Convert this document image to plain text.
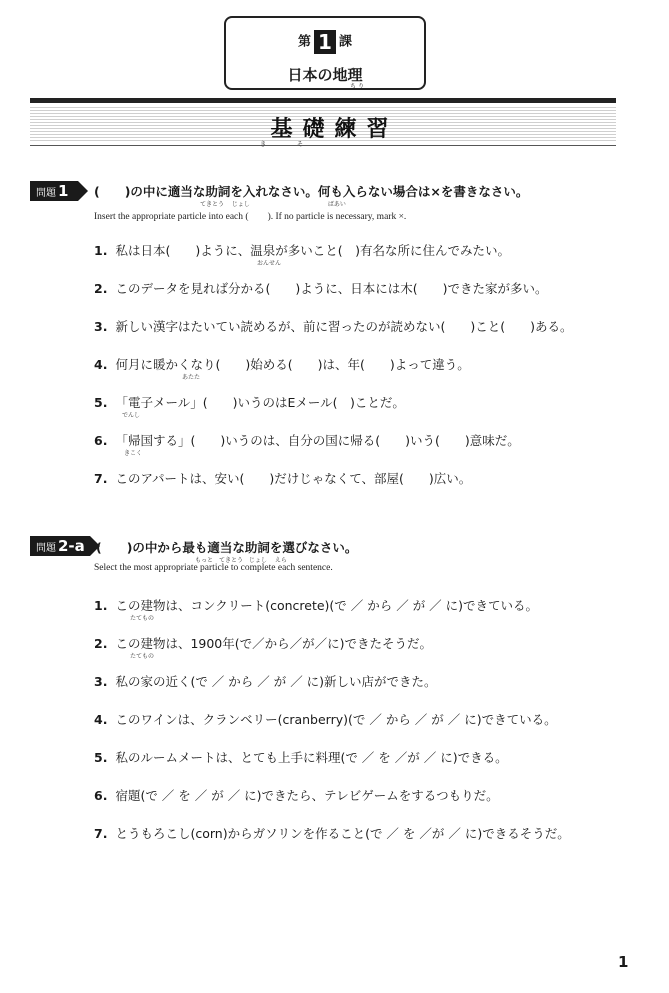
第 1 課
日本の地理
ちり
基礎練習
き	そ
問題 1	(　　)の中に適当な助詞を入れなさい。何も入らない場合は×を書きなさい。
てきとう　 じょし　　　　　　　　　　　　　ばあい
Insert the appropriate particle into each (　　). If no particle is necessary, mark ×.
1. 私は日本(　　)ように、温泉が多いこと(　)有名な所に住んでみたい。
おんせん
2. このデータを見れば分かる(　　)ように、日本には木(　　)できた家が多い。
3. 新しい漢字はたいてい読めるが、前に習ったのが読めない(　　)こと(　　)ある。
4. 何月に暖かくなり(　　)始める(　　)は、年(　　)よって違う。
あたた
5. 「電子メール」(　　)いうのはEメール(　)ことだ。
でんし
6. 「帰国する」(　　)いうのは、自分の国に帰る(　　)いう(　　)意味だ。
きこく
7. このアパートは、安い(　　)だけじゃなくて、部屋(　　)広い。
問題 2-a (　　)の中から最も適当な助詞を選びなさい。
もっと　てきとう　じょし　 えら
Select the most appropriate particle to complete each sentence.
1. この建物は、コンクリート(concrete)(で ／ から ／ が ／ に)できている。
たてもの
2. この建物は、1900年(で／から／が／に)できたそうだ。
たてもの
3. 私の家の近く(で ／ から ／ が ／ に)新しい店ができた。
4. このワインは、クランベリー(cranberry)(で ／ から ／ が ／ に)できている。
5. 私のルームメートは、とても上手に料理(で ／ を ／が ／ に)できる。
6. 宿題(で ／ を ／ が ／ に)できたら、テレビゲームをするつもりだ。
7. とうもろこし(corn)からガソリンを作ること(で ／ を ／が ／ に)できるそうだ。
1
